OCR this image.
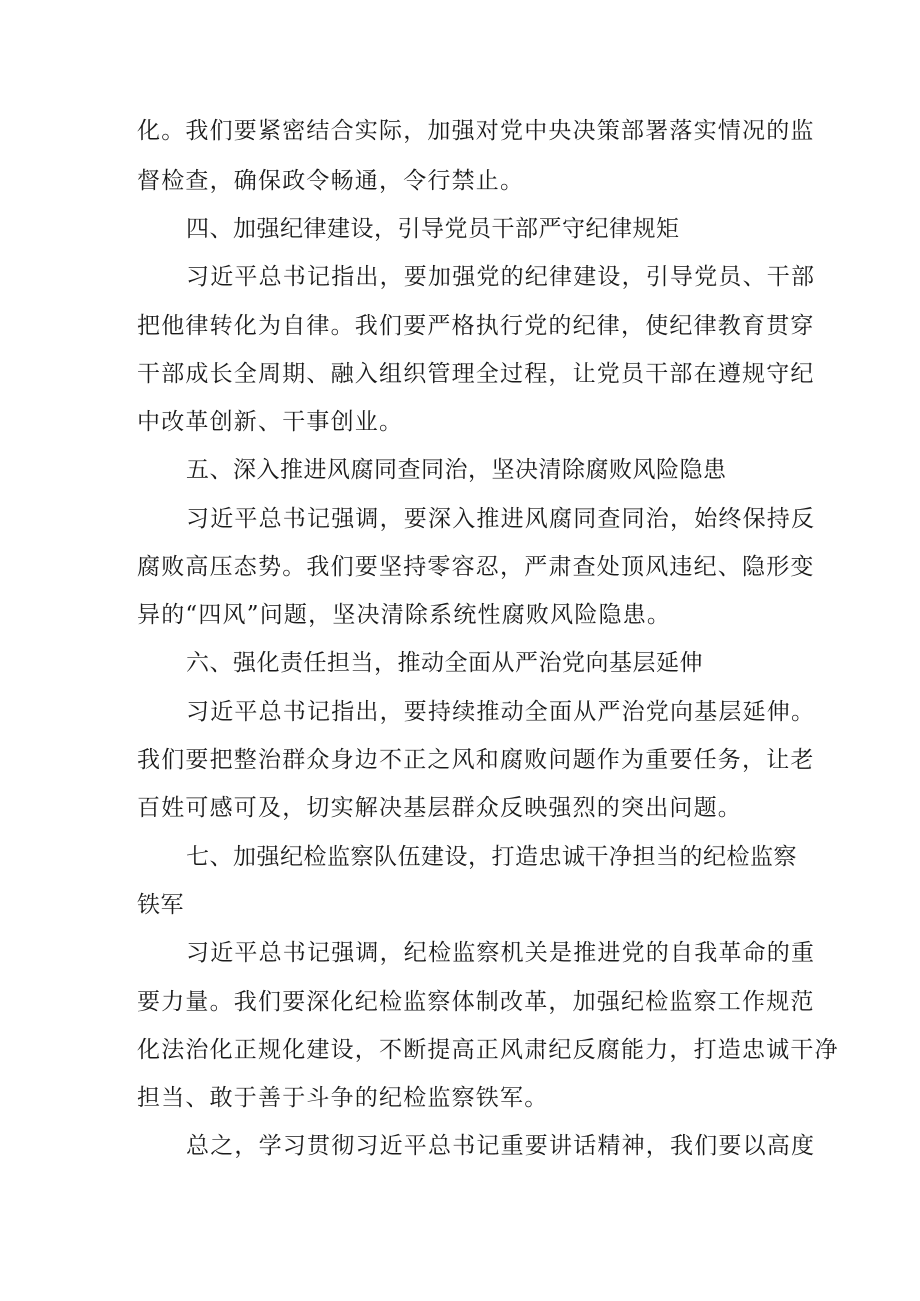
化。我们要紧密结合实际，加强对党中央决策部署落实情况的监
督检查，确保政令畅通，令行禁止。
四、加强纪律建设，引导党员干部严守纪律规矩
习近平总书记指出，要加强党的纪律建设，引导党员、干部
把他律转化为自律。我们要严格执行党的纪律，使纪律教育贯穿
干部成长全周期、融入组织管理全过程，让党员干部在遵规守纪
中改革创新、干事创业。
五、深入推进风腐同查同治，坚决清除腐败风险隐患
习近平总书记强调，要深入推进风腐同查同治，始终保持反
腐败高压态势。我们要坚持零容忍，严肃查处顶风违纪、隐形变
异的“四风”问题，坚决清除系统性腐败风险隐患。
六、强化责任担当，推动全面从严治党向基层延伸
习近平总书记指出，要持续推动全面从严治党向基层延伸。
我们要把整治群众身边不正之风和腐败问题作为重要任务，让老
百姓可感可及，切实解决基层群众反映强烈的突出问题。
七、加强纪检监察队伍建设，打造忠诚干净担当的纪检监察
铁军
习近平总书记强调，纪检监察机关是推进党的自我革命的重
要力量。我们要深化纪检监察体制改革，加强纪检监察工作规范
化法治化正规化建设，不断提高正风肃纪反腐能力，打造忠诚干净
担当、敢于善于斗争的纪检监察铁军。
总之，学习贯彻习近平总书记重要讲话精神，我们要以高度
